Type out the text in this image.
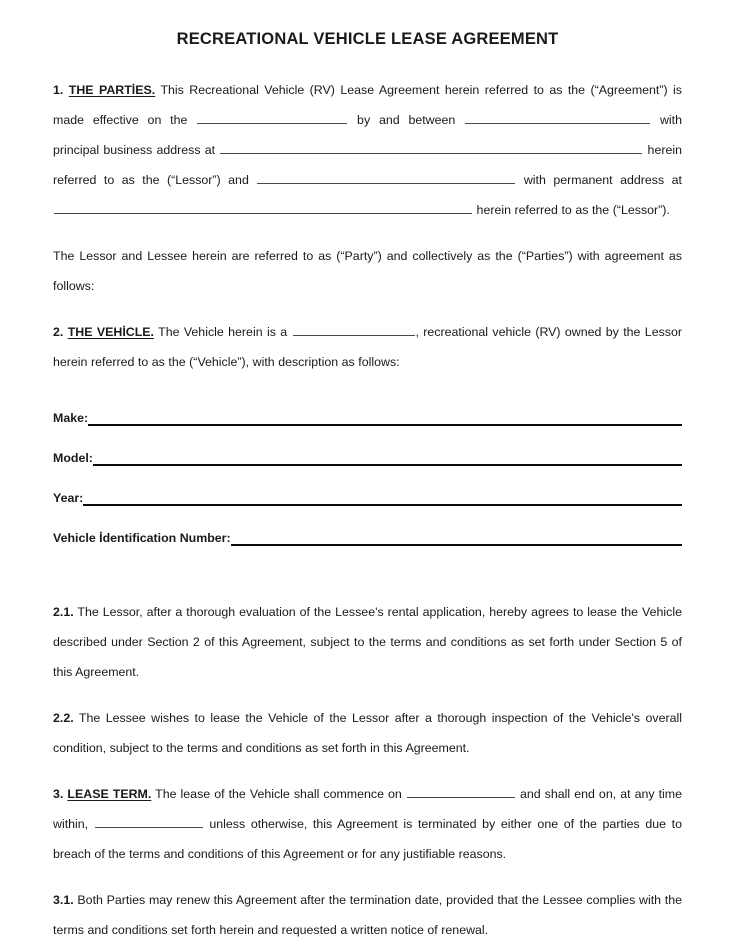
RECREATIONAL VEHICLE LEASE AGREEMENT

1. THE PARTİES. This Recreational Vehicle (RV) Lease Agreement herein referred to as the (“Agreement”) is made effective on the	by and between	with principal business address at	herein referred to as the (“Lessor”) and	with permanent address at  herein referred to as the (“Lessor”).

The Lessor and Lessee herein are referred to as (“Party”) and collectively as the (“Parties”) with agreement as follows:

2. THE VEHİCLE. The Vehicle herein is a	, recreational vehicle (RV) owned by the Lessor herein referred to as the (“Vehicle”), with description as follows:

Make:
Model:
Year:
Vehicle İdentification Number:

2.1. The Lessor, after a thorough evaluation of the Lessee's rental application, hereby agrees to lease the Vehicle described under Section 2 of this Agreement, subject to the terms and conditions as set forth under Section 5 of this Agreement.

2.2. The Lessee wishes to lease the Vehicle of the Lessor after a thorough inspection of the Vehicle's overall condition, subject to the terms and conditions as set forth in this Agreement.

3. LEASE TERM. The lease of the Vehicle shall commence on	and shall end on, at any time within,	unless otherwise, this Agreement is terminated by either one of the parties due to breach of the terms and conditions of this Agreement or for any justifiable reasons.

3.1. Both Parties may renew this Agreement after the termination date, provided that the Lessee complies with the terms and conditions set forth herein and requested a written notice of renewal.
